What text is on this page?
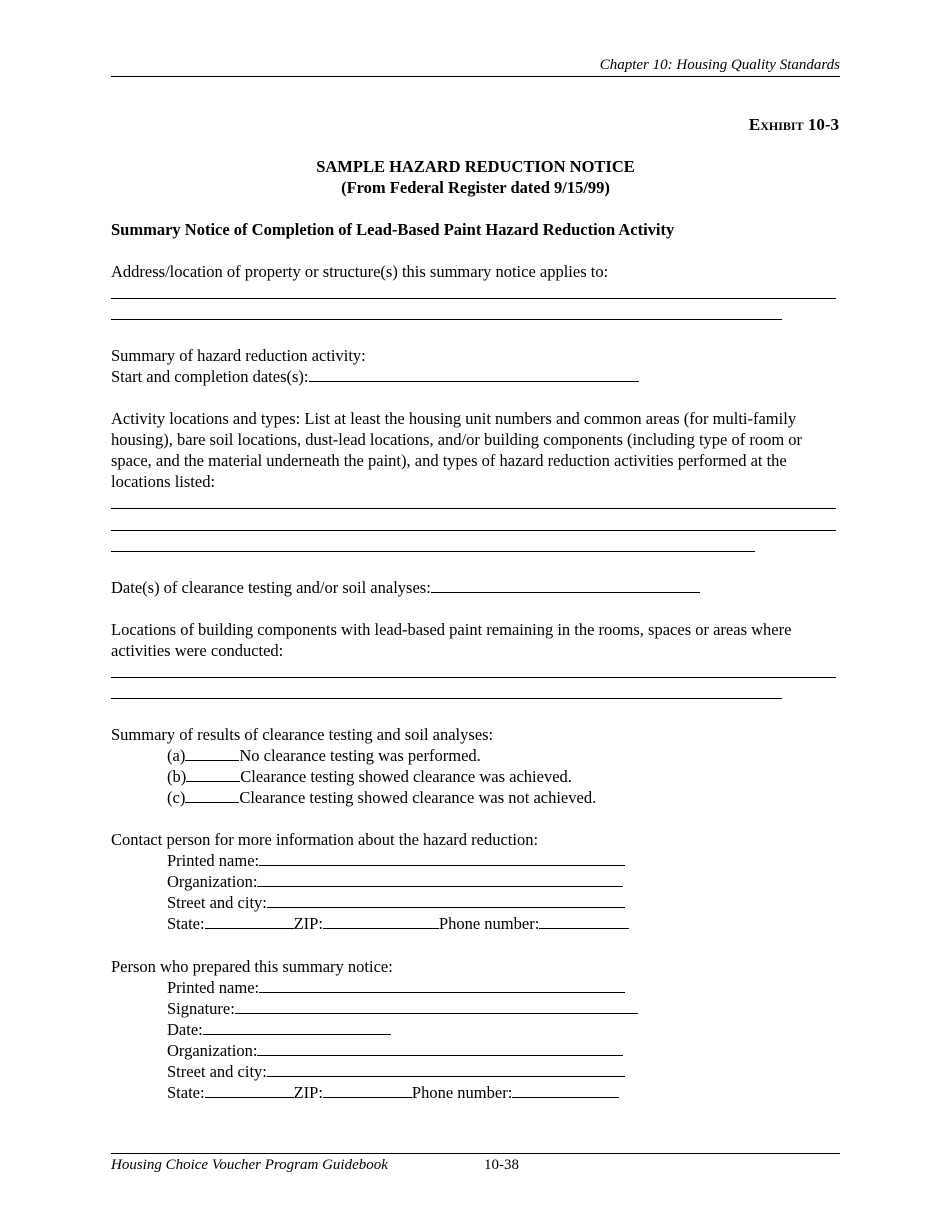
Chapter 10: Housing Quality Standards
Exhibit 10-3
SAMPLE HAZARD REDUCTION NOTICE
(From Federal Register dated 9/15/99)
Summary Notice of Completion of Lead-Based Paint Hazard Reduction Activity
Address/location of property or structure(s) this summary notice applies to:
Summary of hazard reduction activity:
Start and completion dates(s):
Activity locations and types: List at least the housing unit numbers and common areas (for multi-family housing), bare soil locations, dust-lead locations, and/or building components (including type of room or space, and the material underneath the paint), and types of hazard reduction activities performed at the locations listed:
Date(s) of clearance testing and/or soil analyses:
Locations of building components with lead-based paint remaining in the rooms, spaces or areas where activities were conducted:
Summary of results of clearance testing and soil analyses:
(a)	No clearance testing was performed.
(b)	Clearance testing showed clearance was achieved.
(c)	Clearance testing showed clearance was not achieved.
Contact person for more information about the hazard reduction:
Printed name:
Organization:
Street and city:
State:	ZIP:	Phone number:
Person who prepared this summary notice:
Printed name:
Signature:
Date:
Organization:
Street and city:
State:	ZIP:	Phone number:
Housing Choice Voucher Program Guidebook	10-38
